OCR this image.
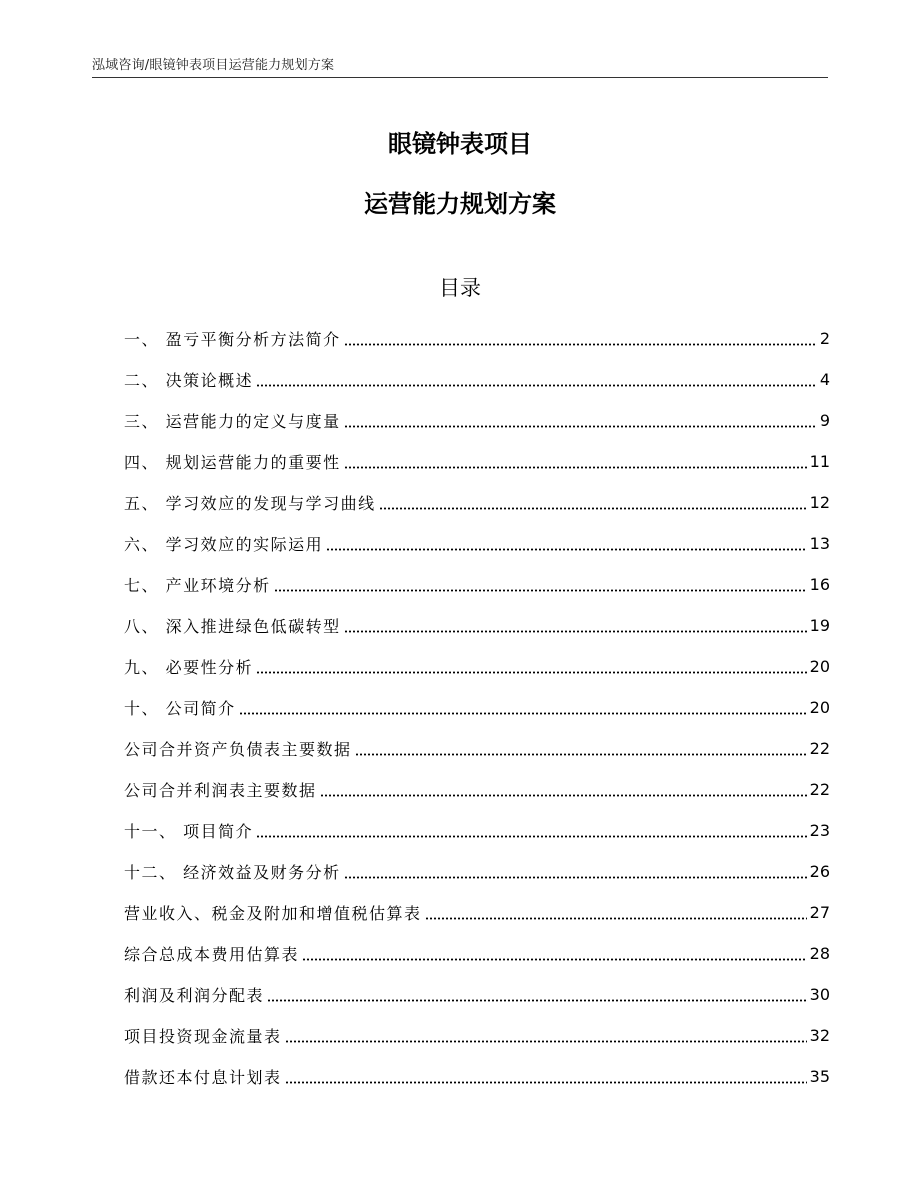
泓域咨询/眼镜钟表项目运营能力规划方案
眼镜钟表项目
运营能力规划方案
目录
一、 盈亏平衡分析方法简介	2
二、 决策论概述	4
三、 运营能力的定义与度量	9
四、 规划运营能力的重要性	11
五、 学习效应的发现与学习曲线	12
六、 学习效应的实际运用	13
七、 产业环境分析	16
八、 深入推进绿色低碳转型	19
九、 必要性分析	20
十、 公司简介	20
公司合并资产负债表主要数据	22
公司合并利润表主要数据	22
十一、 项目简介	23
十二、 经济效益及财务分析	26
营业收入、税金及附加和增值税估算表	27
综合总成本费用估算表	28
利润及利润分配表	30
项目投资现金流量表	32
借款还本付息计划表	35
